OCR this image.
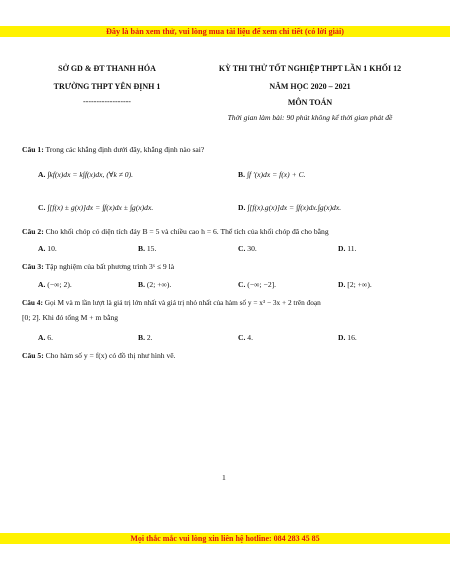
Đây là bản xem thử, vui lòng mua tài liệu để xem chi tiết (có lời giải)
SỞ GD & ĐT THANH HÓA
TRƯỜNG THPT YÊN ĐỊNH 1
------------------
KỲ THI THỬ TỐT NGHIỆP THPT LẦN 1 KHỐI 12
NĂM HỌC 2020 – 2021
MÔN TOÁN
Thời gian làm bài: 90 phút không kể thời gian phát đề
Câu 1: Trong các khẳng định dưới đây, khẳng định nào sai?
A. ∫kf(x)dx = k∫f(x)dx, (∀k ≠ 0).	B. ∫f ′(x)dx = f(x) + C.
C. ∫[f(x) ± g(x)]dx = ∫f(x)dx ± ∫g(x)dx.	D. ∫[f(x).g(x)]dx = ∫f(x)dx.∫g(x)dx.
Câu 2: Cho khối chóp có diện tích đáy B = 5 và chiều cao h = 6. Thể tích của khối chóp đã cho bằng
A. 10.	B. 15.	C. 30.	D. 11.
Câu 3: Tập nghiệm của bất phương trình 3ˣ ≤ 9 là
A. (−∞; 2).	B. (2; +∞).	C. (−∞; −2].	D. [2; +∞).
Câu 4: Gọi M và m lần lượt là giá trị lớn nhất và giá trị nhỏ nhất của hàm số y = x³ − 3x + 2 trên đoạn
[0; 2]. Khi đó tổng M + m bằng
A. 6.	B. 2.	C. 4.	D. 16.
Câu 5: Cho hàm số y = f(x) có đồ thị như hình vẽ.
1
Mọi thắc mắc vui lòng xin liên hệ hotline: 084 283 45 85
